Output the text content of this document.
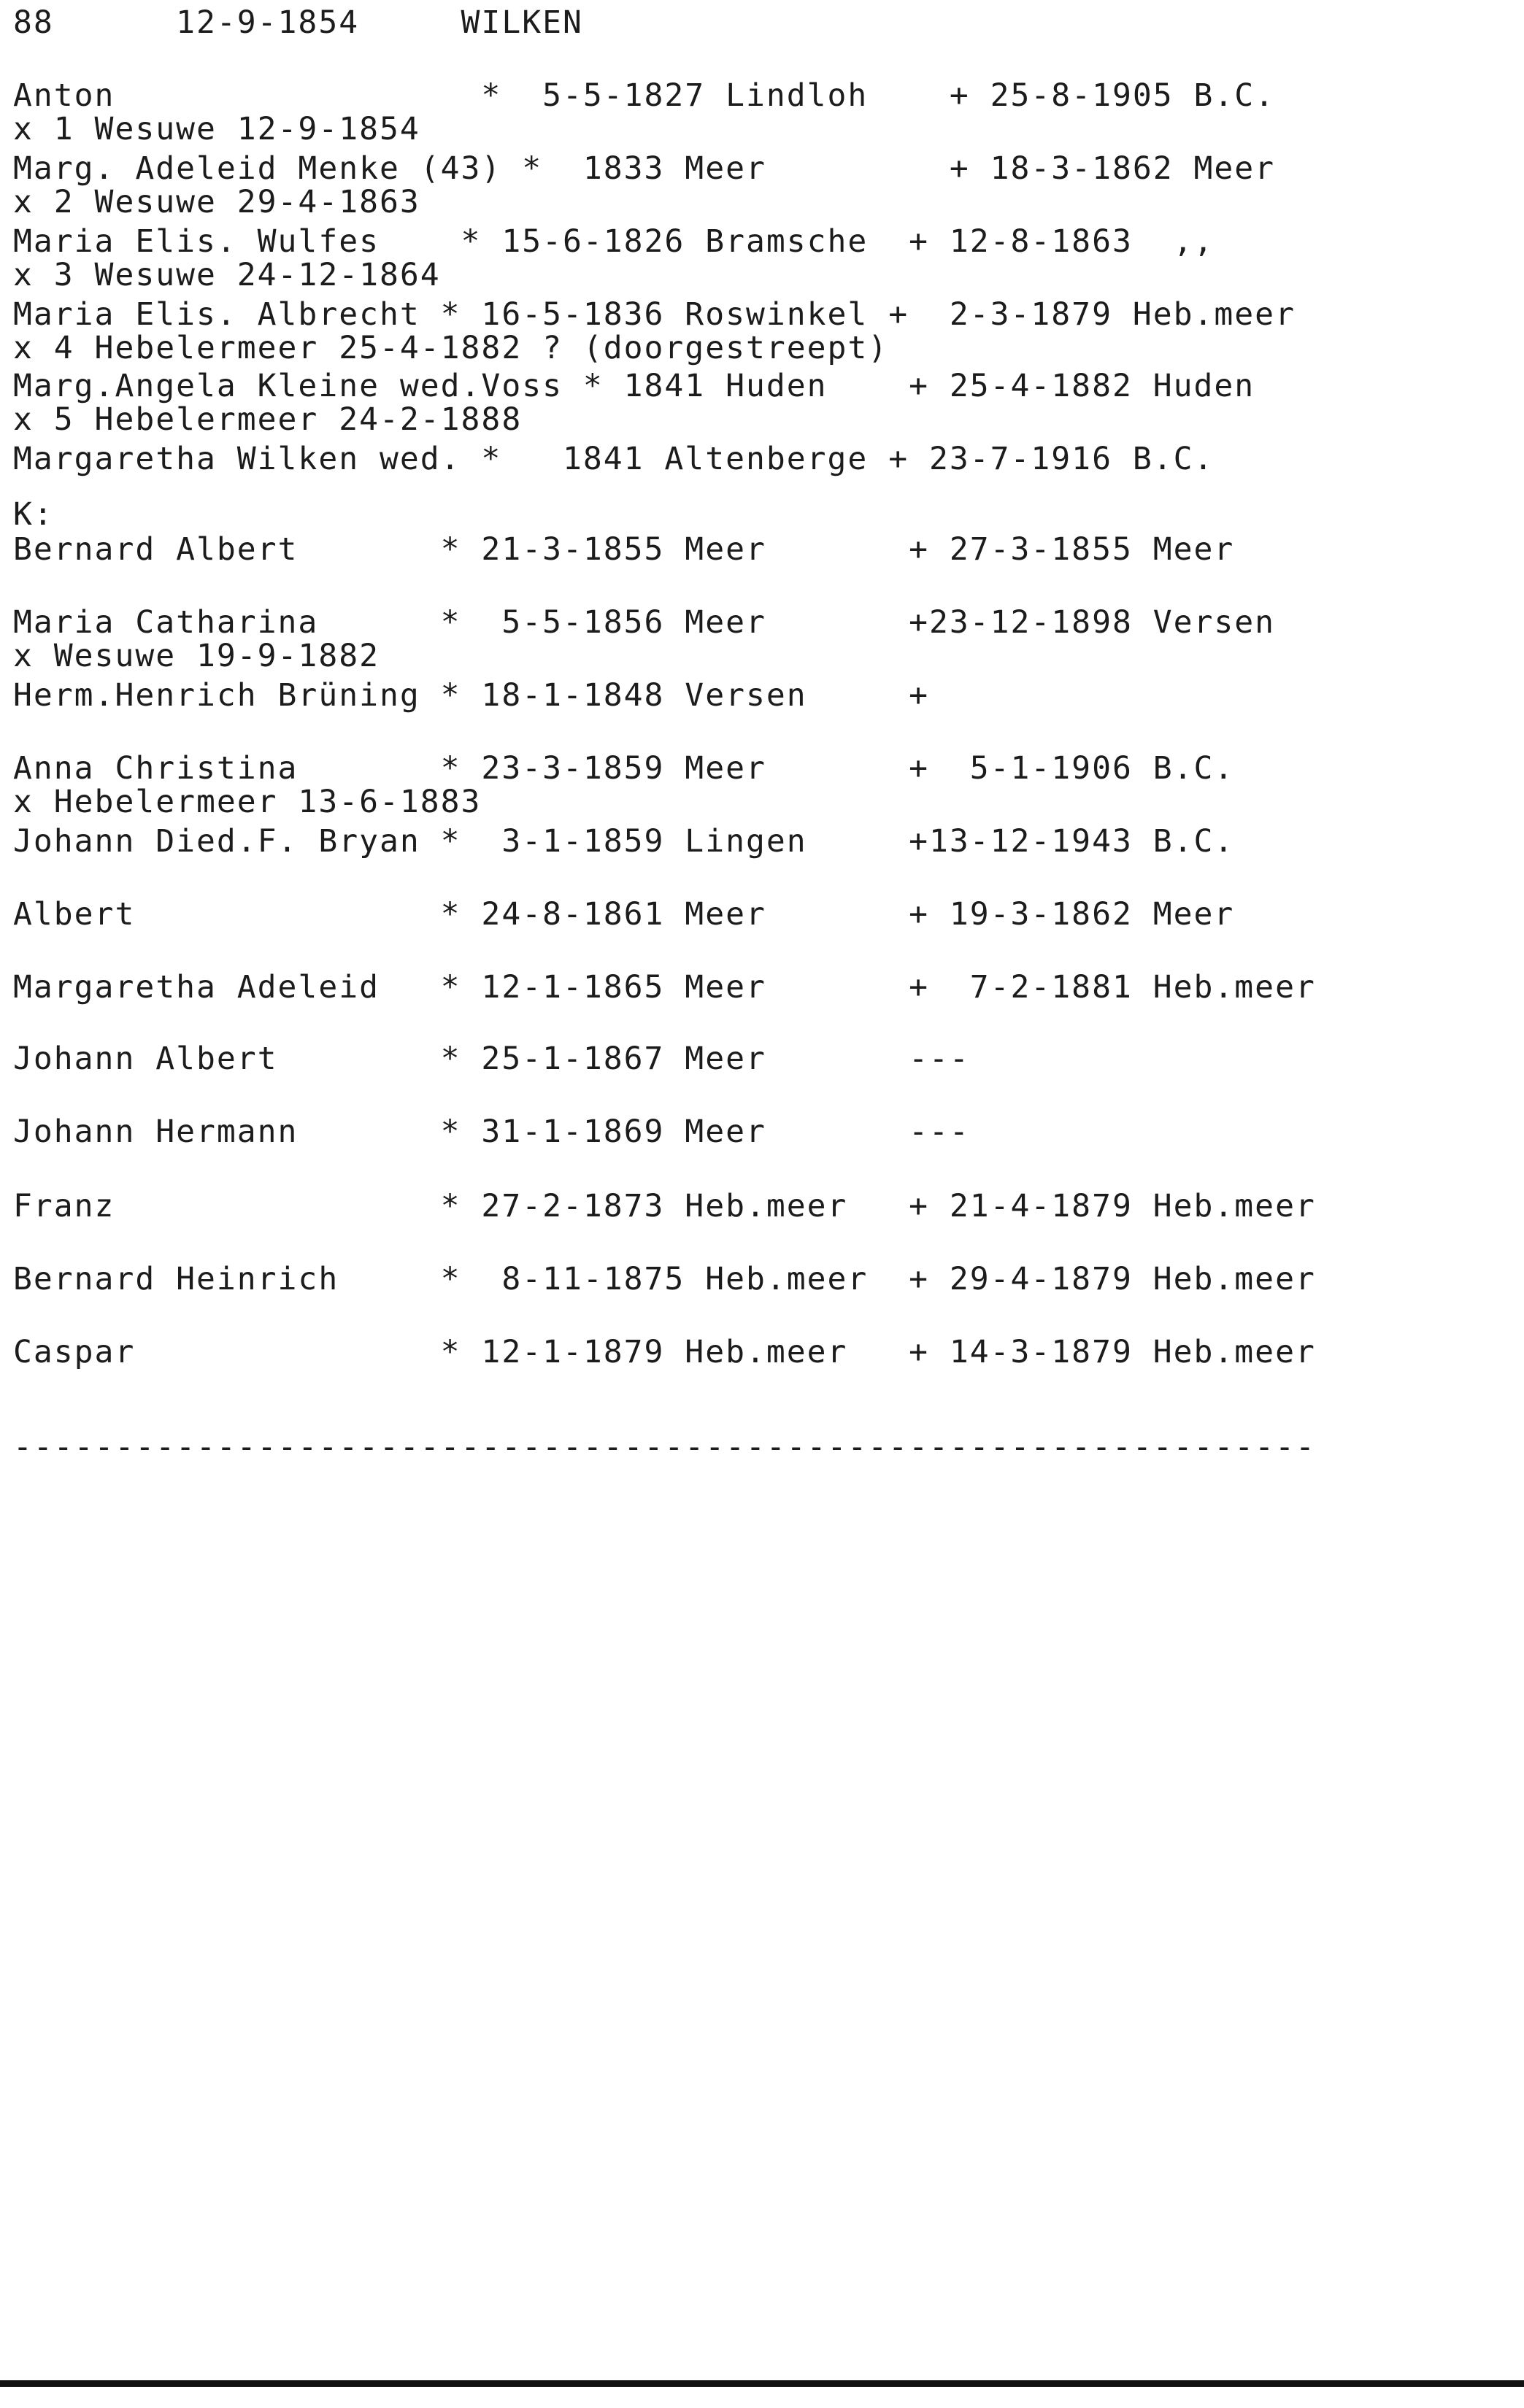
88      12-9-1854     WILKEN
Anton                  *  5-5-1827 Lindloh    + 25-8-1905 B.C.
x 1 Wesuwe 12-9-1854
Marg. Adeleid Menke (43) *  1833 Meer         + 18-3-1862 Meer
x 2 Wesuwe 29-4-1863
Maria Elis. Wulfes    * 15-6-1826 Bramsche  + 12-8-1863  ,,
x 3 Wesuwe 24-12-1864
Maria Elis. Albrecht * 16-5-1836 Roswinkel +  2-3-1879 Heb.meer
x 4 Hebelermeer 25-4-1882 ? (doorgestreept)
Marg.Angela Kleine wed.Voss * 1841 Huden    + 25-4-1882 Huden
x 5 Hebelermeer 24-2-1888
Margaretha Wilken wed. *   1841 Altenberge + 23-7-1916 B.C.
K:
Bernard Albert       * 21-3-1855 Meer       + 27-3-1855 Meer
Maria Catharina      *  5-5-1856 Meer       +23-12-1898 Versen
x Wesuwe 19-9-1882
Herm.Henrich Brüning * 18-1-1848 Versen     +
Anna Christina       * 23-3-1859 Meer       +  5-1-1906 B.C.
x Hebelermeer 13-6-1883
Johann Died.F. Bryan *  3-1-1859 Lingen     +13-12-1943 B.C.
Albert               * 24-8-1861 Meer       + 19-3-1862 Meer
Margaretha Adeleid   * 12-1-1865 Meer       +  7-2-1881 Heb.meer
Johann Albert        * 25-1-1867 Meer       ---
Johann Hermann       * 31-1-1869 Meer       ---
Franz                * 27-2-1873 Heb.meer   + 21-4-1879 Heb.meer
Bernard Heinrich     *  8-11-1875 Heb.meer  + 29-4-1879 Heb.meer
Caspar               * 12-1-1879 Heb.meer   + 14-3-1879 Heb.meer
----------------------------------------------------------------
